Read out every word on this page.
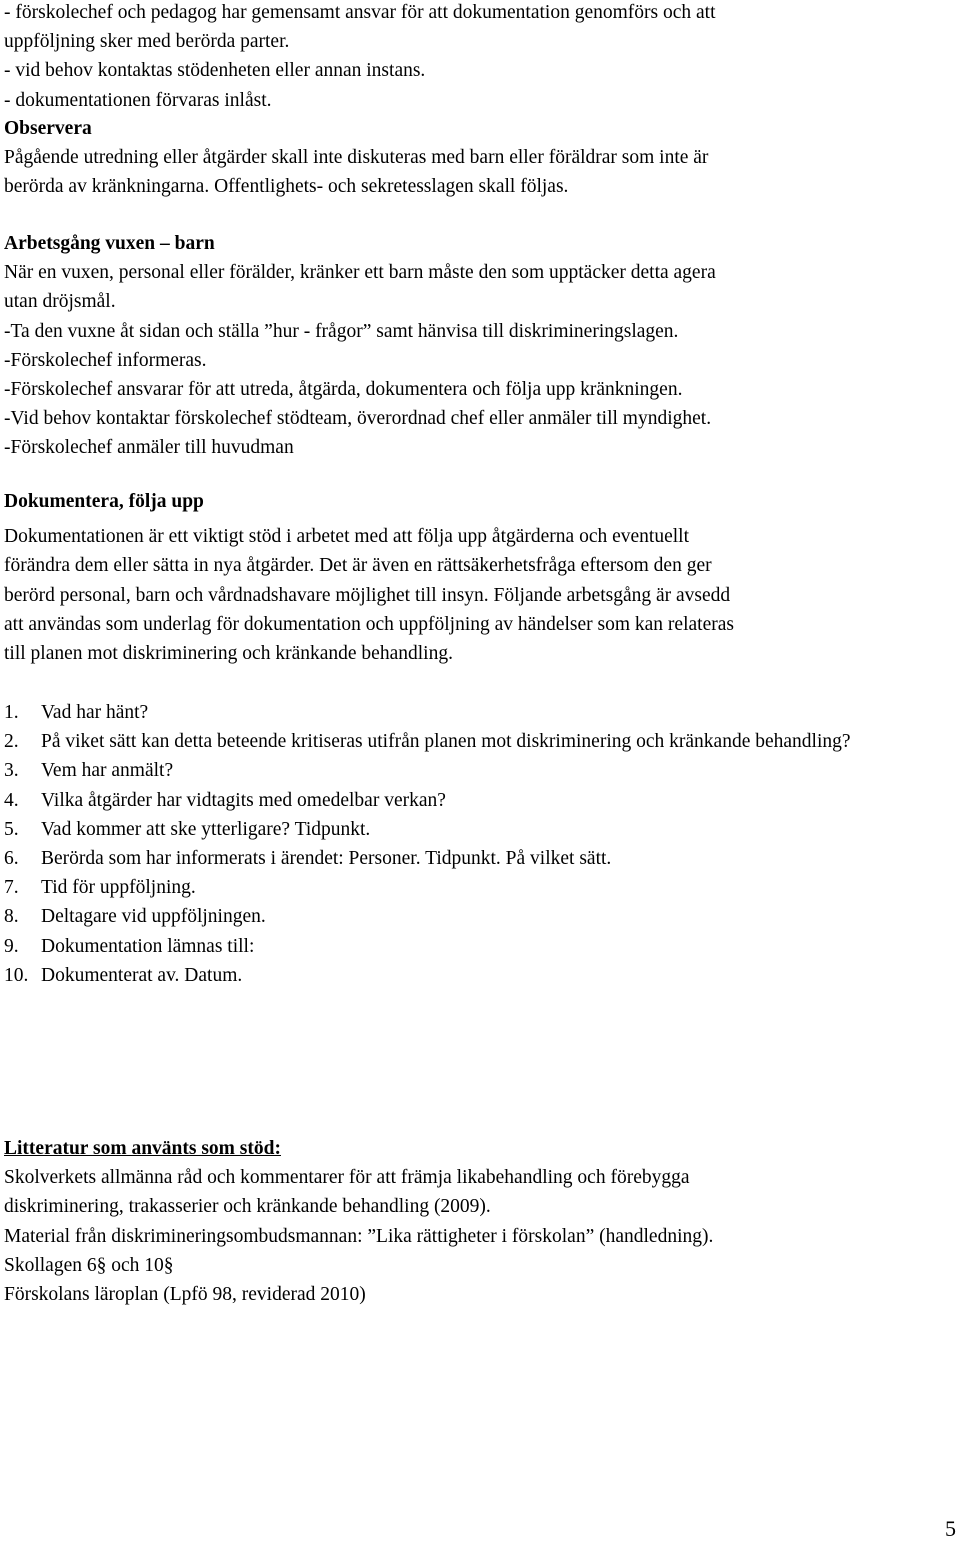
- förskolechef och pedagog har gemensamt ansvar för att dokumentation genomförs och att
uppföljning sker med berörda parter.
- vid behov kontaktas stödenheten eller annan instans.
- dokumentationen förvaras inlåst.
Observera
Pågående utredning eller åtgärder skall inte diskuteras med barn eller föräldrar som inte är
berörda av kränkningarna. Offentlighets- och sekretesslagen skall följas.
Arbetsgång vuxen – barn
När en vuxen, personal eller förälder, kränker ett barn måste den som upptäcker detta agera
utan dröjsmål.
-Ta den vuxne åt sidan och ställa ”hur - frågor” samt hänvisa till diskrimineringslagen.
-Förskolechef informeras.
-Förskolechef ansvarar för att utreda, åtgärda, dokumentera och följa upp kränkningen.
-Vid behov kontaktar förskolechef stödteam, överordnad chef eller anmäler till myndighet.
-Förskolechef anmäler till huvudman
Dokumentera, följa upp
Dokumentationen är ett viktigt stöd i arbetet med att följa upp åtgärderna och eventuellt
förändra dem eller sätta in nya åtgärder. Det är även en rättsäkerhetsfråga eftersom den ger
berörd personal, barn och vårdnadshavare möjlighet till insyn. Följande arbetsgång är avsedd
att användas som underlag för dokumentation och uppföljning av händelser som kan relateras
till planen mot diskriminering och kränkande behandling.
1.	Vad har hänt?
2.	På viket sätt kan detta beteende kritiseras utifrån planen mot diskriminering och kränkande behandling?
3.	Vem har anmält?
4.	Vilka åtgärder har vidtagits med omedelbar verkan?
5.	Vad kommer att ske ytterligare? Tidpunkt.
6.	Berörda som har informerats i ärendet: Personer. Tidpunkt. På vilket sätt.
7.	Tid för uppföljning.
8.	Deltagare vid uppföljningen.
9.	Dokumentation lämnas till:
10. Dokumenterat av. Datum.
Litteratur som använts som stöd:
Skolverkets allmänna råd och kommentarer för att främja likabehandling och förebygga
diskriminering, trakasserier och kränkande behandling (2009).
Material från diskrimineringsombudsmannan: ”Lika rättigheter i förskolan” (handledning).
Skollagen 6§ och 10§
Förskolans läroplan (Lpfö 98, reviderad 2010)
5
